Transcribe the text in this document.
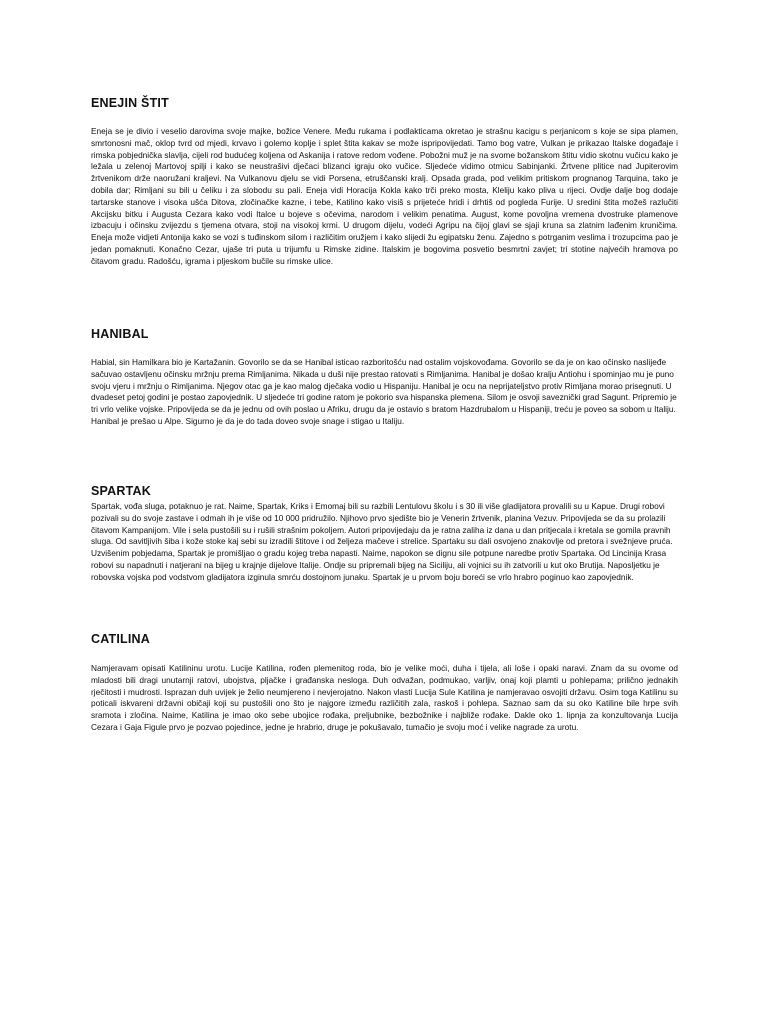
ENEJIN ŠTIT

Eneja se je divio i veselio darovima svoje majke, božice Venere. Među rukama i podlakticama okretao je strašnu kacigu s perjanicom s koje se sipa plamen, smrtonosni mač, oklop tvrd od mjedi, krvavo i golemo koplje i splet štita kakav se može ispripovijedati. Tamo bog vatre, Vulkan je prikazao Italske događaje i rimska pobjednička slavlja, cijeli rod budućeg koljena od Askanija i ratove redom vođene. Pobožni muž je na svome božanskom štitu vidio skotnu vučicu kako je ležala u zelenoj Martovoj spilji i kako se neustrašivi dječaci blizanci igraju oko vučice. Sljedeće vidimo otmicu Sabinjanki. Žrtvene plitice nad Jupiterovim žrtvenikom drže naoružani kraljevi. Na Vulkanovu djelu se vidi Porsena, etruščanski kralj. Opsada grada, pod velikim pritiskom prognanog Tarquina, tako je dobila dar; Rimljani su bili u čeliku i za slobodu su pali. Eneja vidi Horacija Kokla kako trči preko mosta, Kleliju kako pliva u rijeci. Ovdje dalje bog dodaje tartarske stanove i visoka ušća Ditova, zločinačke kazne, i tebe, Katilino kako visiš s prijeteće hridi i drhtiš od pogleda Furije. U sredini štita možeš razlučiti Akcijsku bitku i Augusta Cezara kako vodi Italce u bojeve s očevima, narodom i velikim penatima. August, kome povoljna vremena dvostruke plamenove izbacuju i očinsku zvijezdu s tjemena otvara, stoji na visokoj krmi. U drugom dijelu, vodeći Agripu na čijoj glavi se sjaji kruna sa zlatnim lađenim kruničima. Eneja može vidjeti Antonija kako se vozi s tuđinskom silom i različitim oružjem i kako slijedi žu egipatsku ženu. Zajedno s potrganim veslima i trozupcima pao je jedan pomaknuti. Konačno Cezar, ujaše tri puta u trijumfu u Rimske zidine. Italskim je bogovima posvetio besmrtni zavjet; tri stotine najvećih hramova po čitavom gradu. Radošću, igrama i pljeskom bučile su rimske ulice.

HANIBAL

Habial, sin Hamilkara bio je Kartažanin. Govorilo se da se Hanibal isticao razboritošću nad ostalim vojskovođama. Govorilo se da je on kao očinsko naslijeđe sačuvao ostavljenu očinsku mržnju prema Rimljanima. Nikada u duši nije prestao ratovati s Rimljanima. Hanibal je došao kralju Antiohu i spominjao mu je puno svoju vjeru i mržnju o Rimljanima. Njegov otac ga je kao malog dječaka vodio u Hispaniju. Hanibal je ocu na neprijateljstvo protiv Rimljana morao prisegnuti. U dvadeset petoj godini je postao zapovjednik. U sljedeće tri godine ratom je pokorio sva hispanska plemena. Silom je osvoji saveznički grad Sagunt. Pripremio je tri vrlo velike vojske. Pripovijeda se da je jednu od ovih poslao u Afriku, drugu da je ostavio s bratom Hazdrubalom u Hispaniji, treću je poveo sa sobom u Italiju. Hanibal je prešao u Alpe. Sigurno je da je do tada doveo svoje snage i stigao u Italiju.

SPARTAK

Spartak, vođa sluga, potaknuo je rat. Naime, Spartak, Kriks i Emomaj bili su razbili Lentulovu školu i s 30 ili više gladijatora provalili su u Kapue. Drugi robovi pozivali su do svoje zastave i odmah ih je više od 10 000 pridružilo. Njihovo prvo sjedište bio je Venerin žrtvenik, planina Vezuv. Pripovijeda se da su prolazili čitavom Kampanijom. Vile i sela pustošili su i rušili strašnim pokoljem. Autori pripovijedaju da je ratna zaliha iz dana u dan pritjecala i kretala se gomila pravnih sluga. Od savitljivih šiba i kože stoke kaj sebi su izradili štitove i od željeza mačeve i strelice. Spartaku su dali osvojeno znakovlje od pretora i svežnjeve pruća. Uzvišenim pobjedama, Spartak je promišljao o gradu kojeg treba napasti. Naime, napokon se dignu sile potpune naredbe protiv Spartaka. Od Lincinija Krasa robovi su napadnuti i natjerani na bijeg u krajnje dijelove Italije. Ondje su pripremali bijeg na Siciliju, ali vojnici su ih zatvorili u kut oko Brutija. Naposljetku je robovska vojska pod vodstvom gladijatora izginula smrću dostojnom junaku. Spartak je u prvom boju boreći se vrlo hrabro poginuo kao zapovjednik.

CATILINA

Namjeravam opisati Katilininu urotu. Lucije Katilina, rođen plemenitog roda, bio je velike moći, duha i tijela, ali loše i opaki naravi. Znam da su ovome od mladosti bili dragi unutarnji ratovi, ubojstva, pljačke i građanska nesloga. Duh odvažan, podmukao, varljiv, onaj koji plamti u pohlepama; prilično jednakih rječitosti i mudrosti. Isprazan duh uvijek je želio neumjereno i nevjerojatno. Nakon vlasti Lucija Sule Katilina je namjeravao osvojiti državu. Osim toga Katilinu su poticali iskvareni državni običaji koji su pustošili ono što je najgore između različitih zala, raskoš i pohlepa. Saznao sam da su oko Katiline bile hrpe svih sramota i zločina. Naime, Katilina je imao oko sebe ubojice rođaka, preljubnike, bezbožnike i najbliže rođake. Dakle oko 1. lipnja za konzultovanja Lucija Cezara i Gaja Figule prvo je pozvao pojedince, jedne je hrabrio, druge je pokušavalo, tumačio je svoju moć i velike nagrade za urotu.
